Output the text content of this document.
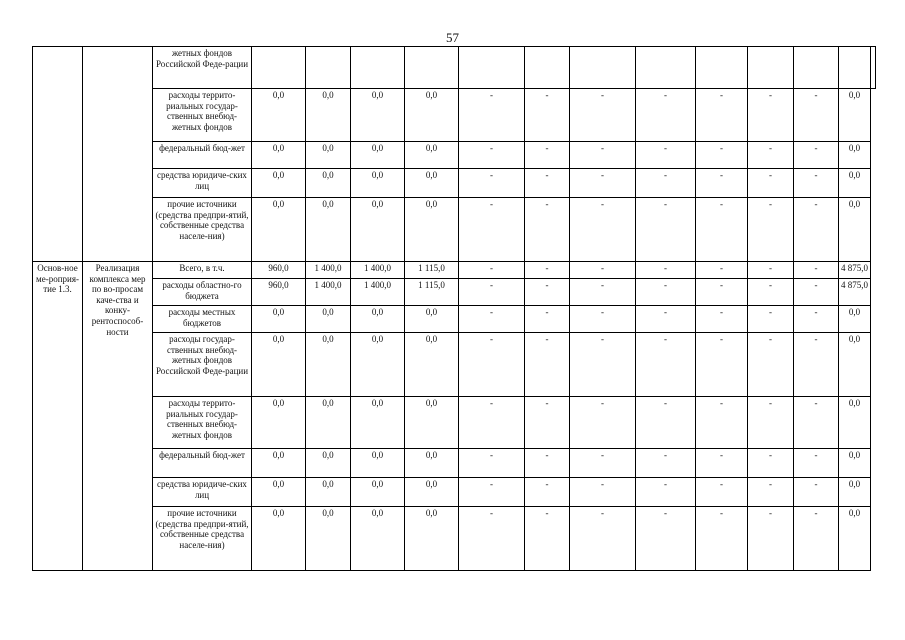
57
		жетных фондов Российской Феде-рации													
		расходы террито-риальных государ-ственных внебюд-жетных фондов	0,0	0,0	0,0	0,0	-	-	-	-	-	-	-	0,0	
		федеральный бюд-жет	0,0	0,0	0,0	0,0	-	-	-	-	-	-	-	0,0	
		средства юридиче-ских лиц	0,0	0,0	0,0	0,0	-	-	-	-	-	-	-	0,0	
		прочие источники (средства предпри-ятий, собственные средства населе-ния)	0,0	0,0	0,0	0,0	-	-	-	-	-	-	-	0,0	
Основ-ное ме-роприя-тие 1.3.	Реализация комплекса мер по во-просам каче-ства и конку-рентоспособ-ности	Всего, в т.ч.	960,0	1 400,0	1 400,0	1 115,0	-	-	-	-	-	-	-	4 875,0	
		расходы областно-го бюджета	960,0	1 400,0	1 400,0	1 115,0	-	-	-	-	-	-	-	4 875,0	
		расходы местных бюджетов	0,0	0,0	0,0	0,0	-	-	-	-	-	-	-	0,0	
		расходы государ-ственных внебюд-жетных фондов Российской Феде-рации	0,0	0,0	0,0	0,0	-	-	-	-	-	-	-	0,0	
		расходы террито-риальных государ-ственных внебюд-жетных фондов	0,0	0,0	0,0	0,0	-	-	-	-	-	-	-	0,0	
		федеральный бюд-жет	0,0	0,0	0,0	0,0	-	-	-	-	-	-	-	0,0	
		средства юридиче-ских лиц	0,0	0,0	0,0	0,0	-	-	-	-	-	-	-	0,0	
		прочие источники (средства предпри-ятий, собственные средства населе-ния)	0,0	0,0	0,0	0,0	-	-	-	-	-	-	-	0,0	
